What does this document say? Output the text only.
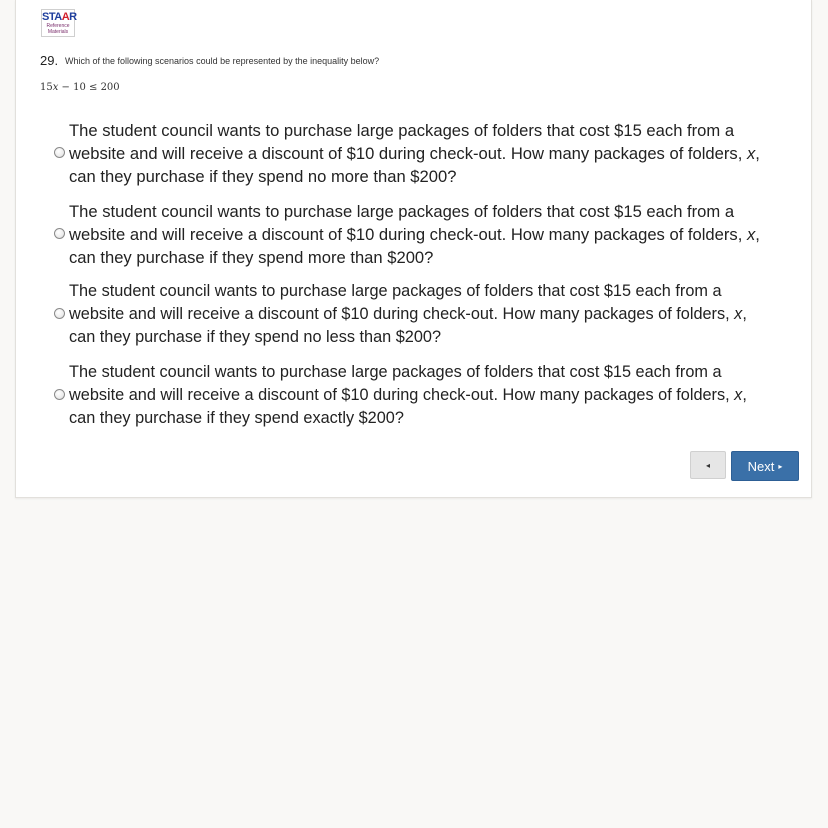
STAAR
Reference
Materials
29. Which of the following scenarios could be represented by the inequality below?
15x − 10 ≤ 200
The student council wants to purchase large packages of folders that cost $15 each from a website and will receive a discount of $10 during check-out. How many packages of folders, x, can they purchase if they spend no more than $200?
The student council wants to purchase large packages of folders that cost $15 each from a website and will receive a discount of $10 during check-out. How many packages of folders, x, can they purchase if they spend more than $200?
The student council wants to purchase large packages of folders that cost $15 each from a website and will receive a discount of $10 during check-out. How many packages of folders, x, can they purchase if they spend no less than $200?
The student council wants to purchase large packages of folders that cost $15 each from a website and will receive a discount of $10 during check-out. How many packages of folders, x, can they purchase if they spend exactly $200?
◂	Next ▸
